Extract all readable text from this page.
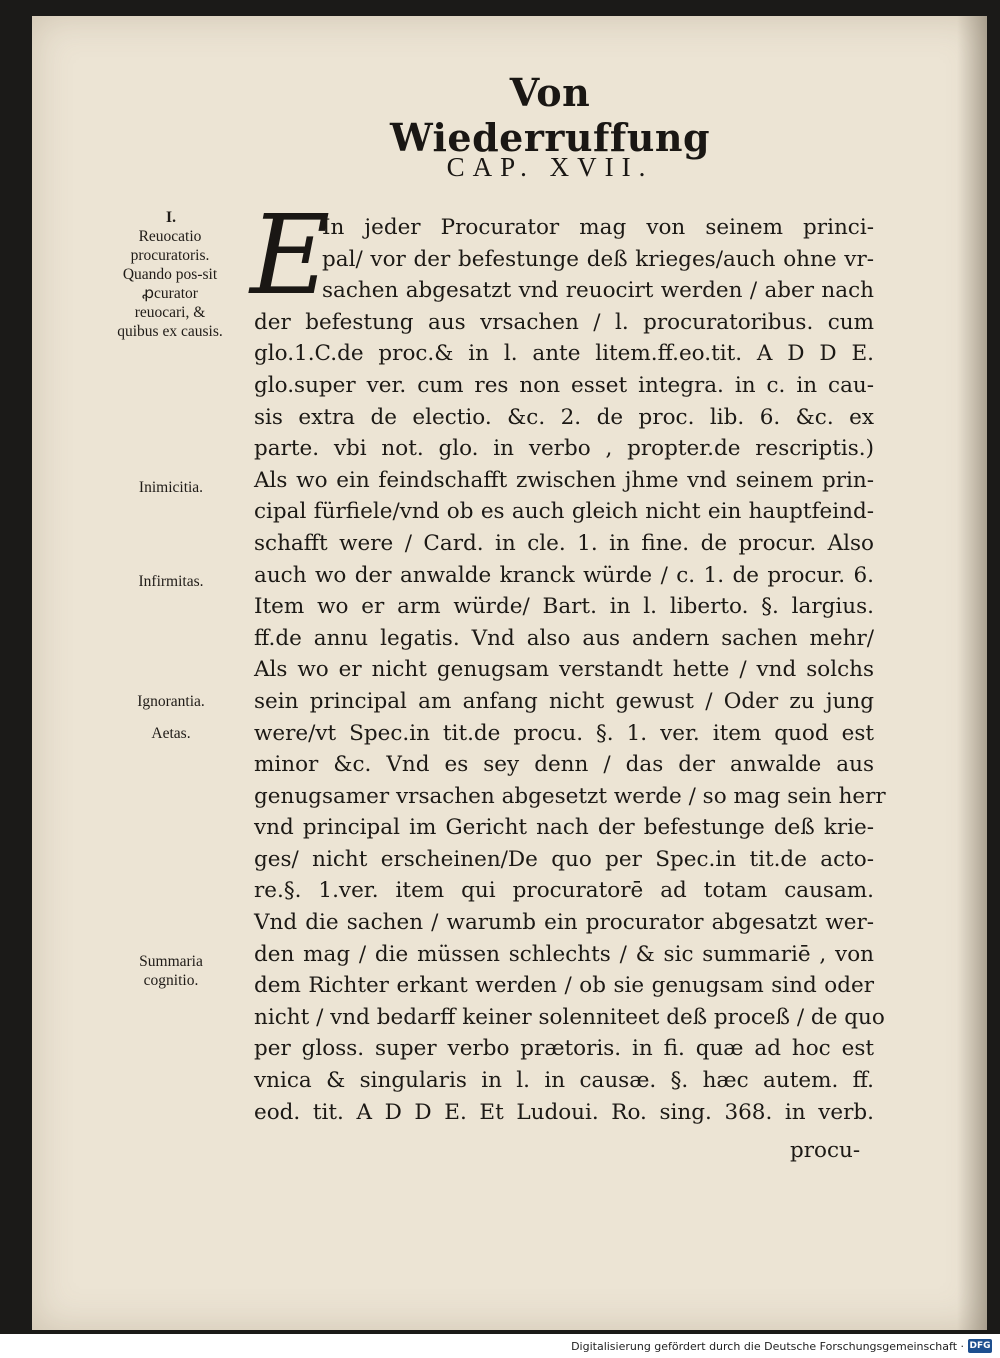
Von Wiederruffung
CAP. XVII.
I.
Reuocatio procuratoris. Quando pos-sit ꝓcurator reuocari, & quibus ex causis.
Inimicitia.
Infirmitas.
Ignorantia.
Aetas.
Summaria cognitio.
E
In jeder Procurator mag von seinem princi-
pal/ vor der befestunge deß krieges/auch ohne vr-
sachen abgesatzt vnd reuocirt werden / aber nach
der befestung aus vrsachen / l. procuratoribus. cum
glo.1.C.de proc.& in l. ante litem.ff.eo.tit. A D D E.
glo.super ver. cum res non esset integra. in c. in cau-
sis extra de electio. &c. 2. de proc. lib. 6. &c. ex
parte. vbi not. glo. in verbo , propter.de rescriptis.)
Als wo ein feindschafft zwischen jhme vnd seinem prin-
cipal fürfiele/vnd ob es auch gleich nicht ein hauptfeind-
schafft were / Card. in cle. 1. in fine. de procur. Also
auch wo der anwalde kranck würde / c. 1. de procur. 6.
Item wo er arm würde/ Bart. in l. liberto. §. largius.
ff.de annu legatis. Vnd also aus andern sachen mehr/
Als wo er nicht genugsam verstandt hette / vnd solchs
sein principal am anfang nicht gewust / Oder zu jung
were/vt Spec.in tit.de procu. §. 1. ver. item quod est
minor &c. Vnd es sey denn / das der anwalde aus
genugsamer vrsachen abgesetzt werde / so mag sein herr
vnd principal im Gericht nach der befestunge deß krie-
ges/ nicht erscheinen/De quo per Spec.in tit.de acto-
re.§. 1.ver. item qui procuratorē ad totam causam.
Vnd die sachen / warumb ein procurator abgesatzt wer-
den mag / die müssen schlechts / & sic summariē , von
dem Richter erkant werden / ob sie genugsam sind oder
nicht / vnd bedarff keiner solenniteet deß proceß / de quo
per gloss. super verbo prætoris. in fi. quæ ad hoc est
vnica & singularis in l. in causæ. §. hæc autem. ff.
eod. tit. A D D E. Et Ludoui. Ro. sing. 368. in verb.
procu-
Digitalisierung gefördert durch die Deutsche Forschungsgemeinschaft · DFG
